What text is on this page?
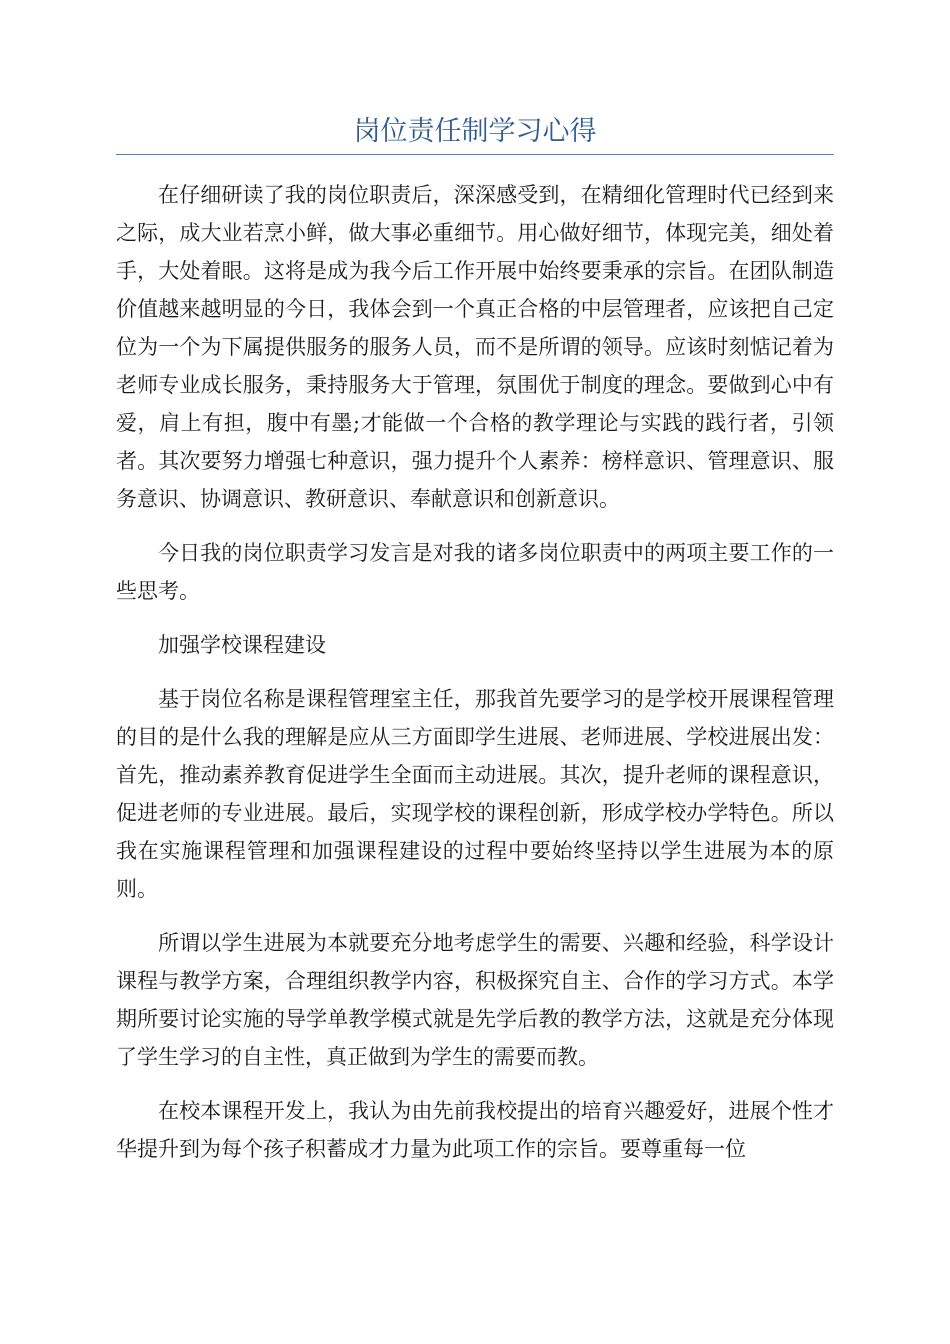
岗位责任制学习心得

在仔细研读了我的岗位职责后，深深感受到，在精细化管理时代已经到来之际，成大业若烹小鲜，做大事必重细节。用心做好细节，体现完美，细处着手，大处着眼。这将是成为我今后工作开展中始终要秉承的宗旨。在团队制造价值越来越明显的今日，我体会到一个真正合格的中层管理者，应该把自己定位为一个为下属提供服务的服务人员，而不是所谓的领导。应该时刻惦记着为老师专业成长服务，秉持服务大于管理，氛围优于制度的理念。要做到心中有爱，肩上有担，腹中有墨;才能做一个合格的教学理论与实践的践行者，引领者。其次要努力增强七种意识，强力提升个人素养：榜样意识、管理意识、服务意识、协调意识、教研意识、奉献意识和创新意识。

今日我的岗位职责学习发言是对我的诸多岗位职责中的两项主要工作的一些思考。

加强学校课程建设

基于岗位名称是课程管理室主任，那我首先要学习的是学校开展课程管理的目的是什么我的理解是应从三方面即学生进展、老师进展、学校进展出发：首先，推动素养教育促进学生全面而主动进展。其次，提升老师的课程意识，促进老师的专业进展。最后，实现学校的课程创新，形成学校办学特色。所以我在实施课程管理和加强课程建设的过程中要始终坚持以学生进展为本的原则。

所谓以学生进展为本就要充分地考虑学生的需要、兴趣和经验，科学设计课程与教学方案，合理组织教学内容，积极探究自主、合作的学习方式。本学期所要讨论实施的导学单教学模式就是先学后教的教学方法，这就是充分体现了学生学习的自主性，真正做到为学生的需要而教。

在校本课程开发上，我认为由先前我校提出的培育兴趣爱好，进展个性才华提升到为每个孩子积蓄成才力量为此项工作的宗旨。要尊重每一位
